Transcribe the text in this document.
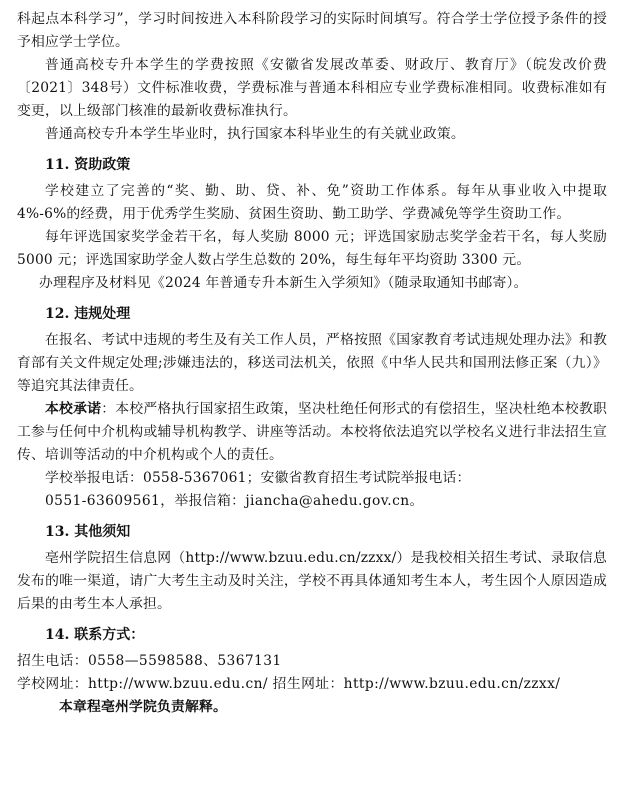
科起点本科学习”，学习时间按进入本科阶段学习的实际时间填写。符合学士学位授予条件的授予相应学士学位。

普通高校专升本学生的学费按照《安徽省发展改革委、财政厅、教育厅》（皖发改价费〔2021〕348号）文件标准收费，学费标准与普通本科相应专业学费标准相同。收费标准如有变更，以上级部门核准的最新收费标准执行。

普通高校专升本学生毕业时，执行国家本科毕业生的有关就业政策。

11. 资助政策

学校建立了完善的“奖、勤、助、贷、补、免”资助工作体系。每年从事业收入中提取 4%-6%的经费，用于优秀学生奖励、贫困生资助、勤工助学、学费减免等学生资助工作。

每年评选国家奖学金若干名，每人奖励 8000 元；评选国家励志奖学金若干名，每人奖励 5000 元；评选国家助学金人数占学生总数的 20%，每生每年平均资助 3300 元。

办理程序及材料见《2024 年普通专升本新生入学须知》（随录取通知书邮寄）。

12. 违规处理

在报名、考试中违规的考生及有关工作人员，严格按照《国家教育考试违规处理办法》和教育部有关文件规定处理;涉嫌违法的，移送司法机关，依照《中华人民共和国刑法修正案（九）》等追究其法律责任。

本校承诺：本校严格执行国家招生政策，坚决杜绝任何形式的有偿招生，坚决杜绝本校教职工参与任何中介机构或辅导机构教学、讲座等活动。本校将依法追究以学校名义进行非法招生宣传、培训等活动的中介机构或个人的责任。

学校举报电话：0558-5367061；安徽省教育招生考试院举报电话：

0551-63609561，举报信箱：jiancha@ahedu.gov.cn。

13. 其他须知

亳州学院招生信息网（http://www.bzuu.edu.cn/zzxx/）是我校相关招生考试、录取信息发布的唯一渠道，请广大考生主动及时关注，学校不再具体通知考生本人，考生因个人原因造成后果的由考生本人承担。

14. 联系方式：

招生电话：0558—5598588、5367131

学校网址：http://www.bzuu.edu.cn/ 招生网址：http://www.bzuu.edu.cn/zzxx/

本章程亳州学院负责解释。
